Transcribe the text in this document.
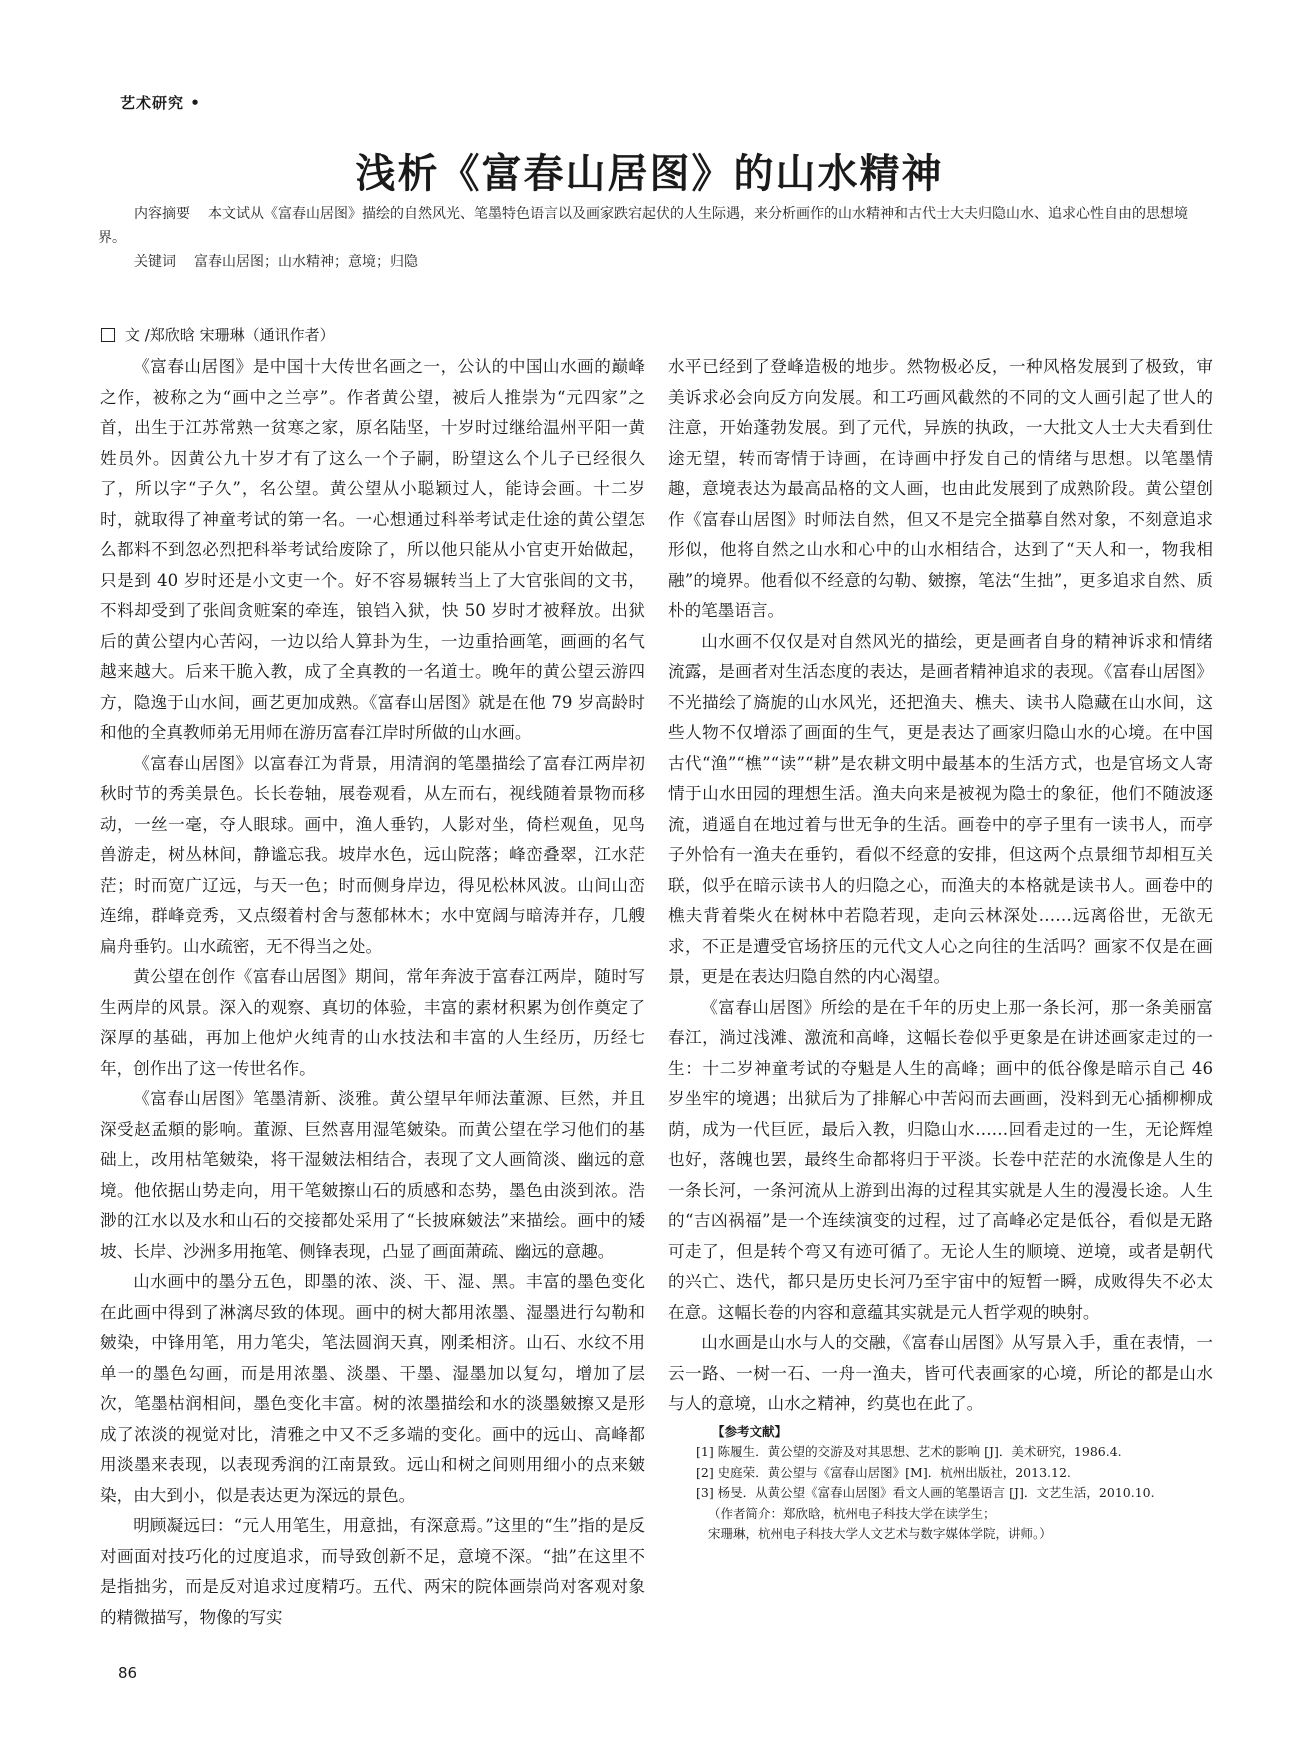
艺术研究 •
浅析《富春山居图》的山水精神

内容摘要 本文试从《富春山居图》描绘的自然风光、笔墨特色语言以及画家跌宕起伏的人生际遇，来分析画作的山水精神和古代士大夫归隐山水、追求心性自由的思想境界。

关键词 富春山居图；山水精神；意境；归隐

文 /郑欣晗 宋珊琳（通讯作者）

《富春山居图》是中国十大传世名画之一，公认的中国山水画的巅峰之作，被称之为“画中之兰亭”。作者黄公望，被后人推崇为“元四家”之首，出生于江苏常熟一贫寒之家，原名陆坚，十岁时过继给温州平阳一黄姓员外。因黄公九十岁才有了这么一个子嗣，盼望这么个儿子已经很久了，所以字“子久”，名公望。黄公望从小聪颖过人，能诗会画。十二岁时，就取得了神童考试的第一名。一心想通过科举考试走仕途的黄公望怎么都料不到忽必烈把科举考试给废除了，所以他只能从小官吏开始做起，只是到 40 岁时还是小文吏一个。好不容易辗转当上了大官张闾的文书，不料却受到了张闾贪赃案的牵连，锒铛入狱，快 50 岁时才被释放。出狱后的黄公望内心苦闷，一边以给人算卦为生，一边重拾画笔，画画的名气越来越大。后来干脆入教，成了全真教的一名道士。晚年的黄公望云游四方，隐逸于山水间，画艺更加成熟。《富春山居图》就是在他 79 岁高龄时和他的全真教师弟无用师在游历富春江岸时所做的山水画。

《富春山居图》以富春江为背景，用清润的笔墨描绘了富春江两岸初秋时节的秀美景色。长长卷轴，展卷观看，从左而右，视线随着景物而移动，一丝一毫，夺人眼球。画中，渔人垂钓，人影对坐，倚栏观鱼，见鸟兽游走，树丛林间，静谧忘我。坡岸水色，远山院落；峰峦叠翠，江水茫茫；时而宽广辽远，与天一色；时而侧身岸边，得见松林风波。山间山峦连绵，群峰竞秀，又点缀着村舍与葱郁林木；水中宽阔与暗涛并存，几艘扁舟垂钓。山水疏密，无不得当之处。

黄公望在创作《富春山居图》期间，常年奔波于富春江两岸，随时写生两岸的风景。深入的观察、真切的体验，丰富的素材积累为创作奠定了深厚的基础，再加上他炉火纯青的山水技法和丰富的人生经历，历经七年，创作出了这一传世名作。

《富春山居图》笔墨清新、淡雅。黄公望早年师法董源、巨然，并且深受赵孟頫的影响。董源、巨然喜用湿笔皴染。而黄公望在学习他们的基础上，改用枯笔皴染，将干湿皴法相结合，表现了文人画简淡、幽远的意境。他依据山势走向，用干笔皴擦山石的质感和态势，墨色由淡到浓。浩渺的江水以及水和山石的交接都处采用了“长披麻皴法”来描绘。画中的矮坡、长岸、沙洲多用拖笔、侧锋表现，凸显了画面萧疏、幽远的意趣。

山水画中的墨分五色，即墨的浓、淡、干、湿、黑。丰富的墨色变化在此画中得到了淋漓尽致的体现。画中的树大都用浓墨、湿墨进行勾勒和皴染，中锋用笔，用力笔尖，笔法圆润天真，刚柔相济。山石、水纹不用单一的墨色勾画，而是用浓墨、淡墨、干墨、湿墨加以复勾，增加了层次，笔墨枯润相间，墨色变化丰富。树的浓墨描绘和水的淡墨皴擦又是形成了浓淡的视觉对比，清雅之中又不乏多端的变化。画中的远山、高峰都用淡墨来表现，以表现秀润的江南景致。远山和树之间则用细小的点来皴染，由大到小，似是表达更为深远的景色。

明顾凝远曰：“元人用笔生，用意拙，有深意焉。”这里的“生”指的是反对画面对技巧化的过度追求，而导致创新不足，意境不深。“拙”在这里不是指拙劣，而是反对追求过度精巧。五代、两宋的院体画崇尚对客观对象的精微描写，物像的写实

水平已经到了登峰造极的地步。然物极必反，一种风格发展到了极致，审美诉求必会向反方向发展。和工巧画风截然的不同的文人画引起了世人的注意，开始蓬勃发展。到了元代，异族的执政，一大批文人士大夫看到仕途无望，转而寄情于诗画，在诗画中抒发自己的情绪与思想。以笔墨情趣，意境表达为最高品格的文人画，也由此发展到了成熟阶段。黄公望创作《富春山居图》时师法自然，但又不是完全描摹自然对象，不刻意追求形似，他将自然之山水和心中的山水相结合，达到了“天人和一，物我相融”的境界。他看似不经意的勾勒、皴擦，笔法“生拙”，更多追求自然、质朴的笔墨语言。

山水画不仅仅是对自然风光的描绘，更是画者自身的精神诉求和情绪流露，是画者对生活态度的表达，是画者精神追求的表现。《富春山居图》不光描绘了旖旎的山水风光，还把渔夫、樵夫、读书人隐藏在山水间，这些人物不仅增添了画面的生气，更是表达了画家归隐山水的心境。在中国古代“渔”“樵”“读”“耕”是农耕文明中最基本的生活方式，也是官场文人寄情于山水田园的理想生活。渔夫向来是被视为隐士的象征，他们不随波逐流，逍遥自在地过着与世无争的生活。画卷中的亭子里有一读书人，而亭子外恰有一渔夫在垂钓，看似不经意的安排，但这两个点景细节却相互关联，似乎在暗示读书人的归隐之心，而渔夫的本格就是读书人。画卷中的樵夫背着柴火在树林中若隐若现，走向云林深处……远离俗世，无欲无求，不正是遭受官场挤压的元代文人心之向往的生活吗？画家不仅是在画景，更是在表达归隐自然的内心渴望。

《富春山居图》所绘的是在千年的历史上那一条长河，那一条美丽富春江，淌过浅滩、激流和高峰，这幅长卷似乎更象是在讲述画家走过的一生：十二岁神童考试的夺魁是人生的高峰；画中的低谷像是暗示自己 46 岁坐牢的境遇；出狱后为了排解心中苦闷而去画画，没料到无心插柳柳成荫，成为一代巨匠，最后入教，归隐山水……回看走过的一生，无论辉煌也好，落魄也罢，最终生命都将归于平淡。长卷中茫茫的水流像是人生的一条长河，一条河流从上游到出海的过程其实就是人生的漫漫长途。人生的“吉凶祸福”是一个连续演变的过程，过了高峰必定是低谷，看似是无路可走了，但是转个弯又有迹可循了。无论人生的顺境、逆境，或者是朝代的兴亡、迭代，都只是历史长河乃至宇宙中的短暂一瞬，成败得失不必太在意。这幅长卷的内容和意蕴其实就是元人哲学观的映射。

山水画是山水与人的交融，《富春山居图》从写景入手，重在表情，一云一路、一树一石、一舟一渔夫，皆可代表画家的心境，所论的都是山水与人的意境，山水之精神，约莫也在此了。

【参考文献】
[1] 陈履生．黄公望的交游及对其思想、艺术的影响 [J]．美术研究，1986.4.
[2] 史庭荣．黄公望与《富春山居图》[M]．杭州出版社，2013.12.
[3] 杨旻．从黄公望《富春山居图》看文人画的笔墨语言 [J]．文艺生活，2010.10.
（作者简介：郑欣晗，杭州电子科技大学在读学生；
宋珊琳，杭州电子科技大学人文艺术与数字媒体学院，讲师。）
86
